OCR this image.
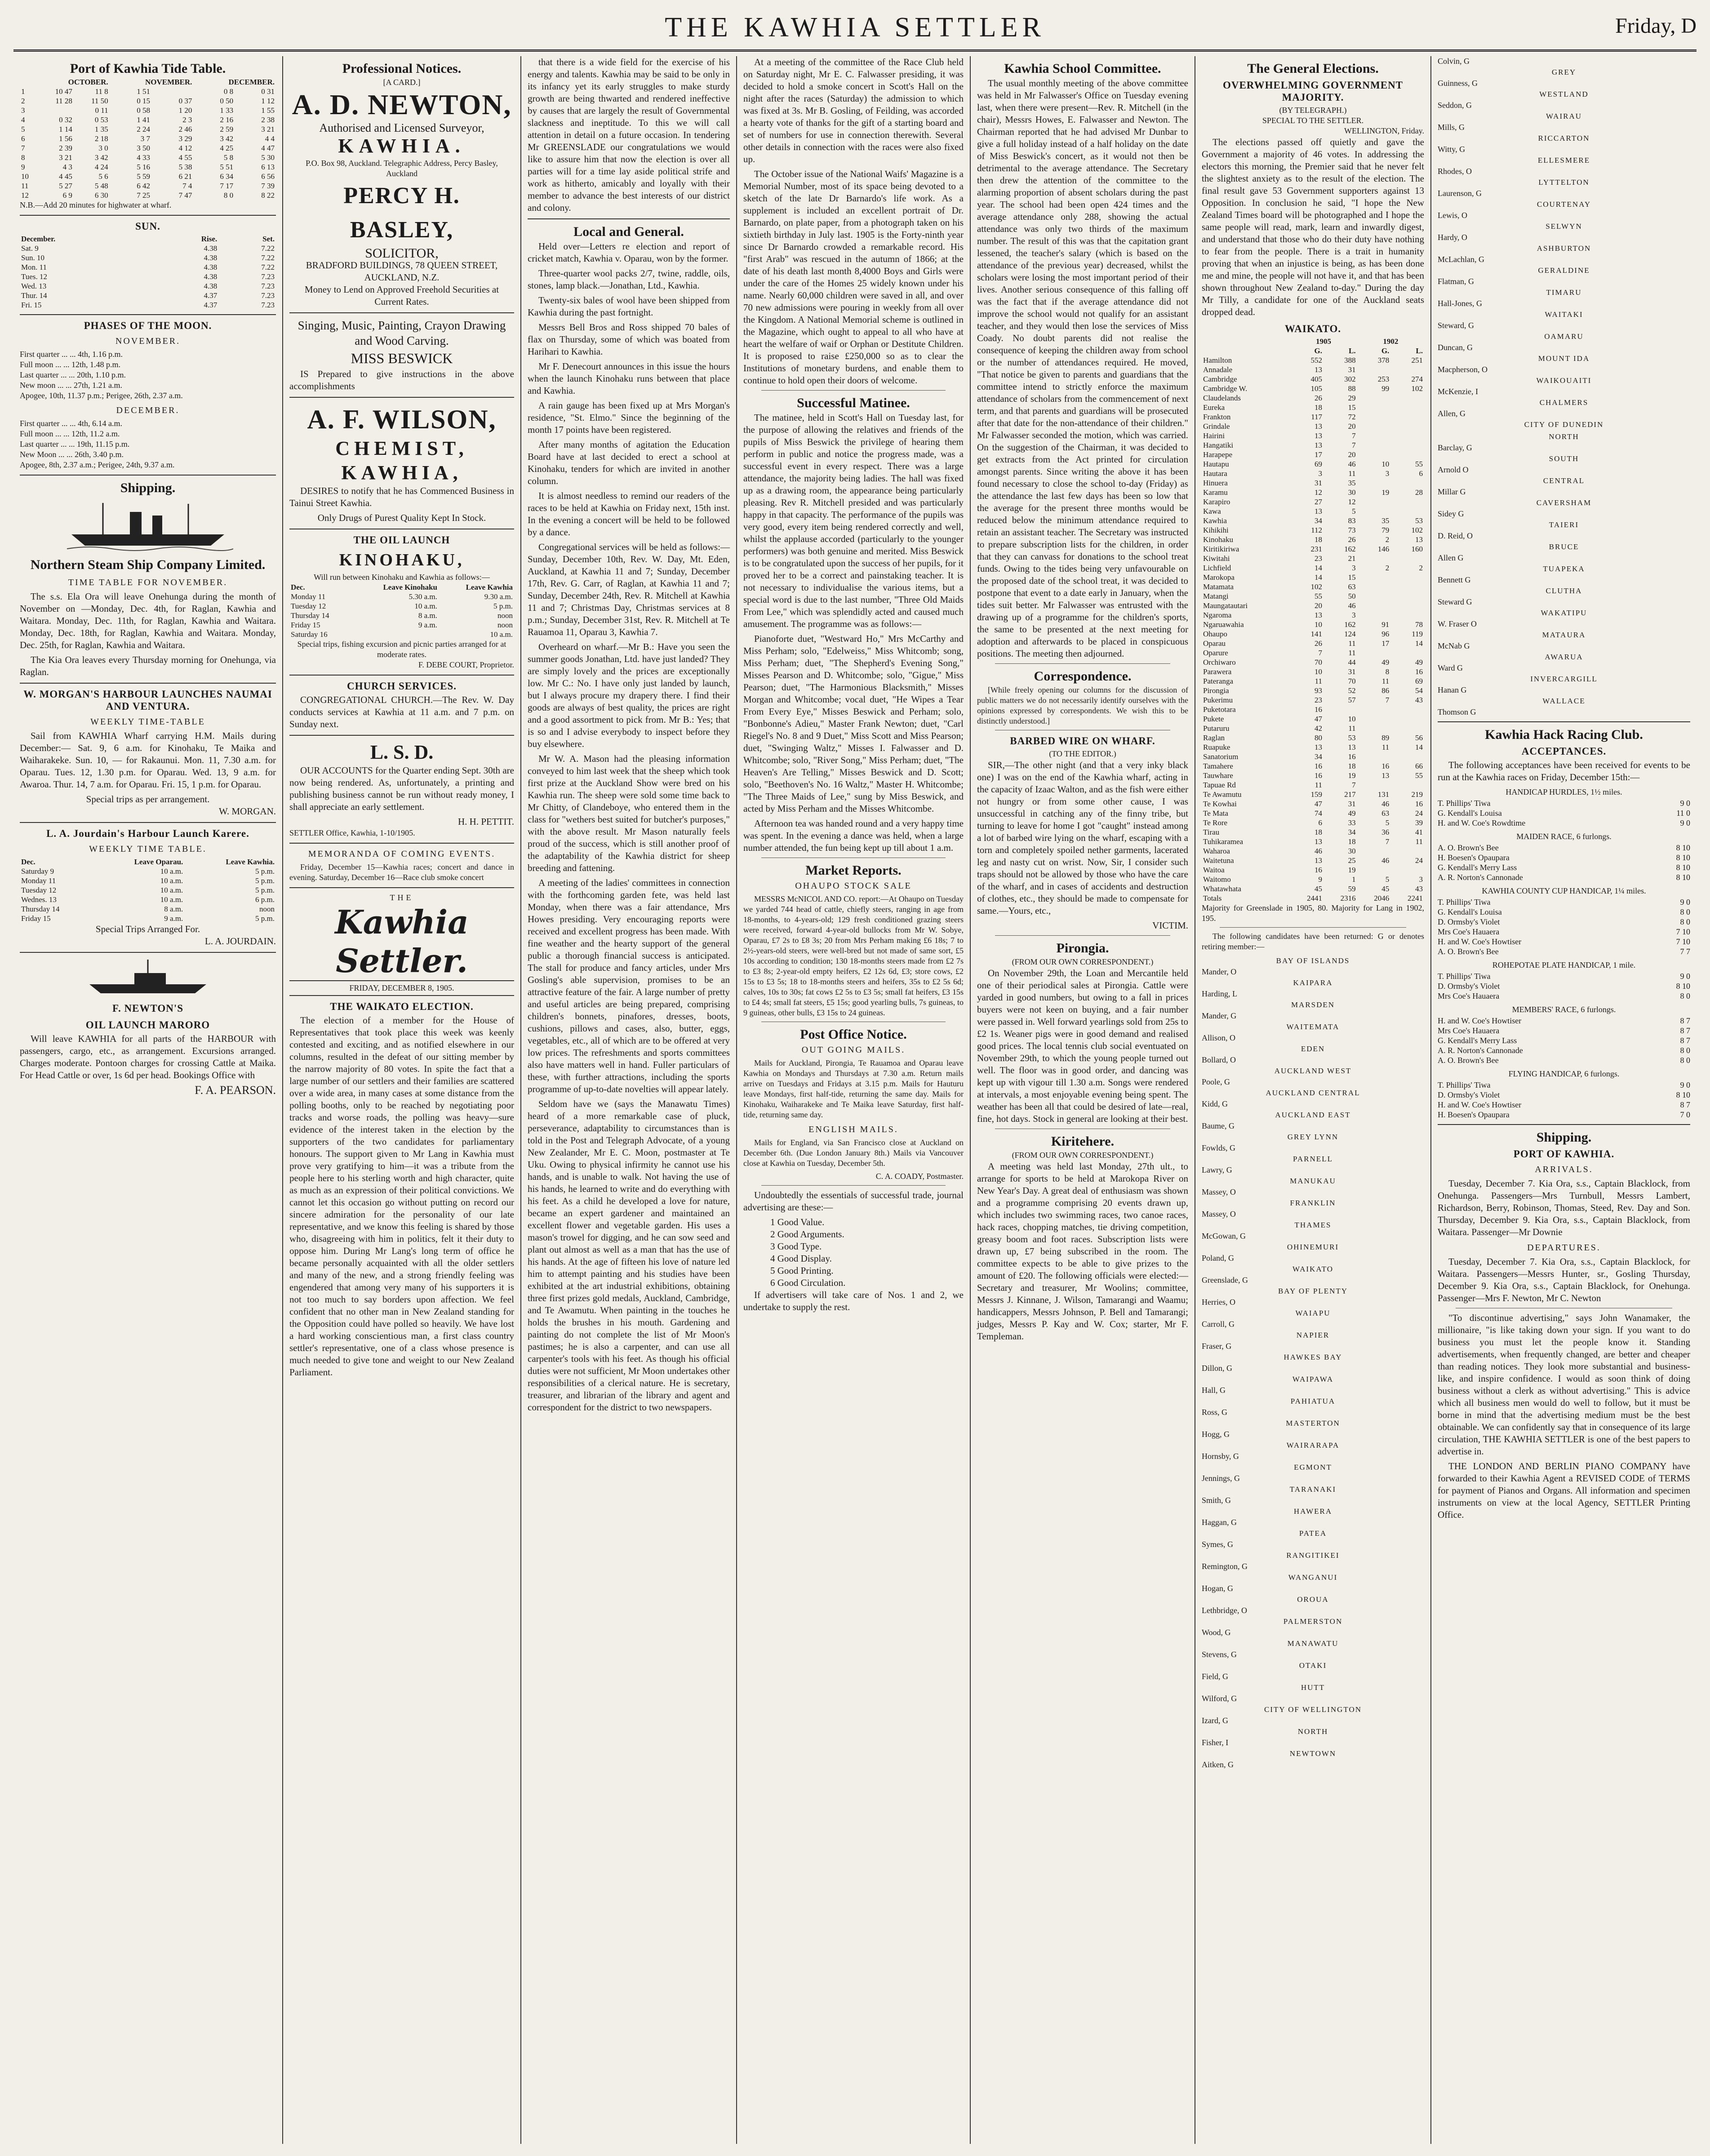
THE KAWHIA SETTLER	Friday, D
Port of Kawhia Tide Table.
	OCTOBER.		NOVEMBER.		DECEMBER.	
1	10 47	11 8	1 51		0 8	0 31
2	11 28	11 50	0 15	0 37	0 50	1 12
3		0 11	0 58	1 20	1 33	1 55
4	0 32	0 53	1 41	2 3	2 16	2 38
5	1 14	1 35	2 24	2 46	2 59	3 21
6	1 56	2 18	3 7	3 29	3 42	4 4
7	2 39	3 0	3 50	4 12	4 25	4 47
8	3 21	3 42	4 33	4 55	5 8	5 30
9	4 3	4 24	5 16	5 38	5 51	6 13
10	4 45	5 6	5 59	6 21	6 34	6 56
11	5 27	5 48	6 42	7 4	7 17	7 39
12	6 9	6 30	7 25	7 47	8 0	8 22
N.B.—Add 20 minutes for highwater at wharf.
SUN.
December.	Rise.	Set.
Sat. 9	4.38	7.22
Sun. 10	4.38	7.22
Mon. 11	4.38	7.22
Tues. 12	4.38	7.23
Wed. 13	4.38	7.23
Thur. 14	4.37	7.23
Fri. 15	4.37	7.23
PHASES OF THE MOON.
NOVEMBER.
First quarter ... ... 4th, 1.16 p.m.
Full moon ... ... 12th, 1.48 p.m.
Last quarter ... ... 20th, 1.10 p.m.
New moon ... ... 27th, 1.21 a.m.
Apogee, 10th, 11.37 p.m.; Perigee, 26th, 2.37 a.m.
DECEMBER.
First quarter ... ... 4th, 6.14 a.m.
Full moon ... ... 12th, 11.2 a.m.
Last quarter ... ... 19th, 11.15 p.m.
New Moon ... ... 26th, 3.40 p.m.
Apogee, 8th, 2.37 a.m.; Perigee, 24th, 9.37 a.m.
Shipping.
Northern Steam Ship Company Limited.
TIME TABLE FOR NOVEMBER.

The s.s. Ela Ora will leave Onehunga during the month of November on —Monday, Dec. 4th, for Raglan, Kawhia and Waitara. Monday, Dec. 11th, for Raglan, Kawhia and Waitara. Monday, Dec. 18th, for Raglan, Kawhia and Waitara. Monday, Dec. 25th, for Raglan, Kawhia and Waitara.

The Kia Ora leaves every Thursday morning for Onehunga, via Raglan.

W. MORGAN'S HARBOUR LAUNCHES NAUMAI AND VENTURA.
WEEKLY TIME-TABLE

Sail from KAWHIA Wharf carrying H.M. Mails during December:— Sat. 9, 6 a.m. for Kinohaku, Te Maika and Waiharakeke. Sun. 10, — for Rakaunui. Mon. 11, 7.30 a.m. for Oparau. Tues. 12, 1.30 p.m. for Oparau. Wed. 13, 9 a.m. for Awaroa. Thur. 14, 7 a.m. for Oparau. Fri. 15, 1 p.m. for Oparau.

Special trips as per arrangement.
W. MORGAN.
L. A. Jourdain's Harbour Launch Karere.
WEEKLY TIME TABLE.
Dec.	Leave Oparau.	Leave Kawhia.
Saturday 9	10 a.m.	5 p.m.
Monday 11	10 a.m.	5 p.m.
Tuesday 12	10 a.m.	5 p.m.
Wednes. 13	10 a.m.	6 p.m.
Thursday 14	8 a.m.	noon
Friday 15	9 a.m.	5 p.m.
Special Trips Arranged For.
L. A. JOURDAIN.
F. NEWTON'S
OIL LAUNCH MARORO

Will leave KAWHIA for all parts of the HARBOUR with passengers, cargo, etc., as arrangement. Excursions arranged. Charges moderate. Pontoon charges for crossing Cattle at Maika. For Head Cattle or over, 1s 6d per head. Bookings Office with

F. A. PEARSON.
Professional Notices.
[A CARD.]
A. D. NEWTON,
Authorised and Licensed Surveyor,
KAWHIA.
P.O. Box 98, Auckland. Telegraphic Address, Percy Basley, Auckland
PERCY H. BASLEY,
SOLICITOR,
BRADFORD BUILDINGS, 78 QUEEN STREET, AUCKLAND, N.Z.
Money to Lend on Approved Freehold Securities at Current Rates.
Singing, Music, Painting, Crayon Drawing and Wood Carving.
MISS BESWICK

IS Prepared to give instructions in the above accomplishments

A. F. WILSON,
CHEMIST,
KAWHIA,

DESIRES to notify that he has Commenced Business in Tainui Street Kawhia.

Only Drugs of Purest Quality Kept In Stock.
THE OIL LAUNCH
KINOHAKU,
Will run between Kinohaku and Kawhia as follows:—
Dec.	Leave Kinohaku	Leave Kawhia
Monday 11	5.30 a.m.	9.30 a.m.
Tuesday 12	10 a.m.	5 p.m.
Thursday 14	8 a.m.	noon
Friday 15	9 a.m.	noon
Saturday 16		10 a.m.
Special trips, fishing excursion and picnic parties arranged for at moderate rates.
F. DEBE COURT, Proprietor.
CHURCH SERVICES.

CONGREGATIONAL CHURCH.—The Rev. W. Day conducts services at Kawhia at 11 a.m. and 7 p.m. on Sunday next.

L. S. D.

OUR ACCOUNTS for the Quarter ending Sept. 30th are now being rendered. As, unfortunately, a printing and publishing business cannot be run without ready money, I shall appreciate an early settlement.

H. H. PETTIT.
SETTLER Office, Kawhia, 1-10/1905.
MEMORANDA OF COMING EVENTS.

Friday, December 15—Kawhia races; concert and dance in evening. Saturday, December 16—Race club smoke concert

THE
Kawhia Settler.
FRIDAY, DECEMBER 8, 1905.
THE WAIKATO ELECTION.

The election of a member for the House of Representatives that took place this week was keenly contested and exciting, and as notified elsewhere in our columns, resulted in the defeat of our sitting member by the narrow majority of 80 votes. In spite the fact that a large number of our settlers and their families are scattered over a wide area, in many cases at some distance from the polling booths, only to be reached by negotiating poor tracks and worse roads, the polling was heavy—sure evidence of the interest taken in the election by the supporters of the two candidates for parliamentary honours. The support given to Mr Lang in Kawhia must prove very gratifying to him—it was a tribute from the people here to his sterling worth and high character, quite as much as an expression of their political convictions. We cannot let this occasion go without putting on record our sincere admiration for the personality of our late representative, and we know this feeling is shared by those who, disagreeing with him in politics, felt it their duty to oppose him. During Mr Lang's long term of office he became personally acquainted with all the older settlers and many of the new, and a strong friendly feeling was engendered that among very many of his supporters it is not too much to say borders upon affection. We feel confident that no other man in New Zealand standing for the Opposition could have polled so heavily. We have lost a hard working conscientious man, a first class country settler's representative, one of a class whose presence is much needed to give tone and weight to our New Zealand Parliament.

that there is a wide field for the exercise of his energy and talents. Kawhia may be said to be only in its infancy yet its early struggles to make sturdy growth are being thwarted and rendered ineffective by causes that are largely the result of Governmental slackness and ineptitude. To this we will call attention in detail on a future occasion. In tendering Mr GREENSLADE our congratulations we would like to assure him that now the election is over all parties will for a time lay aside political strife and work as hitherto, amicably and loyally with their member to advance the best interests of our district and colony.

Local and General.

Held over—Letters re election and report of cricket match, Kawhia v. Oparau, won by the former.

Three-quarter wool packs 2/7, twine, raddle, oils, stones, lamp black.—Jonathan, Ltd., Kawhia.

Twenty-six bales of wool have been shipped from Kawhia during the past fortnight.

Messrs Bell Bros and Ross shipped 70 bales of flax on Thursday, some of which was boated from Harihari to Kawhia.

Mr F. Denecourt announces in this issue the hours when the launch Kinohaku runs between that place and Kawhia.

A rain gauge has been fixed up at Mrs Morgan's residence, "St. Elmo." Since the beginning of the month 17 points have been registered.

After many months of agitation the Education Board have at last decided to erect a school at Kinohaku, tenders for which are invited in another column.

It is almost needless to remind our readers of the races to be held at Kawhia on Friday next, 15th inst. In the evening a concert will be held to be followed by a dance.

Congregational services will be held as follows:—Sunday, December 10th, Rev. W. Day, Mt. Eden, Auckland, at Kawhia 11 and 7; Sunday, December 17th, Rev. G. Carr, of Raglan, at Kawhia 11 and 7; Sunday, December 24th, Rev. R. Mitchell at Kawhia 11 and 7; Christmas Day, Christmas services at 8 p.m.; Sunday, December 31st, Rev. R. Mitchell at Te Rauamoa 11, Oparau 3, Kawhia 7.

Overheard on wharf.—Mr B.: Have you seen the summer goods Jonathan, Ltd. have just landed? They are simply lovely and the prices are exceptionally low. Mr C.: No. I have only just landed by launch, but I always procure my drapery there. I find their goods are always of best quality, the prices are right and a good assortment to pick from. Mr B.: Yes; that is so and I advise everybody to inspect before they buy elsewhere.

Mr W. A. Mason had the pleasing information conveyed to him last week that the sheep which took first prize at the Auckland Show were bred on his Kawhia run. The sheep were sold some time back to Mr Chitty, of Clandeboye, who entered them in the class for "wethers best suited for butcher's purposes," with the above result. Mr Mason naturally feels proud of the success, which is still another proof of the adaptability of the Kawhia district for sheep breeding and fattening.

A meeting of the ladies' committees in connection with the forthcoming garden fete, was held last Monday, when there was a fair attendance, Mrs Howes presiding. Very encouraging reports were received and excellent progress has been made. With fine weather and the hearty support of the general public a thorough financial success is anticipated. The stall for produce and fancy articles, under Mrs Gosling's able supervision, promises to be an attractive feature of the fair. A large number of pretty and useful articles are being prepared, comprising children's bonnets, pinafores, dresses, boots, cushions, pillows and cases, also, butter, eggs, vegetables, etc., all of which are to be offered at very low prices. The refreshments and sports committees also have matters well in hand. Fuller particulars of these, with further attractions, including the sports programme of up-to-date novelties will appear lately.

Seldom have we (says the Manawatu Times) heard of a more remarkable case of pluck, perseverance, adaptability to circumstances than is told in the Post and Telegraph Advocate, of a young New Zealander, Mr E. C. Moon, postmaster at Te Uku. Owing to physical infirmity he cannot use his hands, and is unable to walk. Not having the use of his hands, he learned to write and do everything with his feet. As a child he developed a love for nature, became an expert gardener and maintained an excellent flower and vegetable garden. His uses a mason's trowel for digging, and he can sow seed and plant out almost as well as a man that has the use of his hands. At the age of fifteen his love of nature led him to attempt painting and his studies have been exhibited at the art industrial exhibitions, obtaining three first prizes gold medals, Auckland, Cambridge, and Te Awamutu. When painting in the touches he holds the brushes in his mouth. Gardening and painting do not complete the list of Mr Moon's pastimes; he is also a carpenter, and can use all carpenter's tools with his feet. As though his official duties were not sufficient, Mr Moon undertakes other responsibilities of a clerical nature. He is secretary, treasurer, and librarian of the library and agent and correspondent for the district to two newspapers.

At a meeting of the committee of the Race Club held on Saturday night, Mr E. C. Falwasser presiding, it was decided to hold a smoke concert in Scott's Hall on the night after the races (Saturday) the admission to which was fixed at 3s. Mr B. Gosling, of Feilding, was accorded a hearty vote of thanks for the gift of a starting board and set of numbers for use in connection therewith. Several other details in connection with the races were also fixed up.

The October issue of the National Waifs' Magazine is a Memorial Number, most of its space being devoted to a sketch of the late Dr Barnardo's life work. As a supplement is included an excellent portrait of Dr. Barnardo, on plate paper, from a photograph taken on his sixtieth birthday in July last. 1905 is the Forty-ninth year since Dr Barnardo crowded a remarkable record. His "first Arab" was rescued in the autumn of 1866; at the date of his death last month 8,4000 Boys and Girls were under the care of the Homes 25 widely known under his name. Nearly 60,000 children were saved in all, and over 70 new admissions were pouring in weekly from all over the Kingdom. A National Memorial scheme is outlined in the Magazine, which ought to appeal to all who have at heart the welfare of waif or Orphan or Destitute Children. It is proposed to raise £250,000 so as to clear the Institutions of monetary burdens, and enable them to continue to hold open their doors of welcome.

Successful Matinee.

The matinee, held in Scott's Hall on Tuesday last, for the purpose of allowing the relatives and friends of the pupils of Miss Beswick the privilege of hearing them perform in public and notice the progress made, was a successful event in every respect. There was a large attendance, the majority being ladies. The hall was fixed up as a drawing room, the appearance being particularly pleasing. Rev R. Mitchell presided and was particularly happy in that capacity. The performance of the pupils was very good, every item being rendered correctly and well, whilst the applause accorded (particularly to the younger performers) was both genuine and merited. Miss Beswick is to be congratulated upon the success of her pupils, for it proved her to be a correct and painstaking teacher. It is not necessary to individualise the various items, but a special word is due to the last number, "Three Old Maids From Lee," which was splendidly acted and caused much amusement. The programme was as follows:—

Pianoforte duet, "Westward Ho," Mrs McCarthy and Miss Perham; solo, "Edelweiss," Miss Whitcomb; song, Miss Perham; duet, "The Shepherd's Evening Song," Misses Pearson and D. Whitcombe; solo, "Gigue," Miss Pearson; duet, "The Harmonious Blacksmith," Misses Morgan and Whitcombe; vocal duet, "He Wipes a Tear From Every Eye," Misses Beswick and Perham; solo, "Bonbonne's Adieu," Master Frank Newton; duet, "Carl Riegel's No. 8 and 9 Duet," Miss Scott and Miss Pearson; duet, "Swinging Waltz," Misses I. Falwasser and D. Whitcombe; solo, "River Song," Miss Perham; duet, "The Heaven's Are Telling," Misses Beswick and D. Scott; solo, "Beethoven's No. 16 Waltz," Master H. Whitcombe; "The Three Maids of Lee," sung by Miss Beswick, and acted by Miss Perham and the Misses Whitcombe.

Afternoon tea was handed round and a very happy time was spent. In the evening a dance was held, when a large number attended, the fun being kept up till about 1 a.m.

Market Reports.
OHAUPO STOCK SALE

MESSRS McNICOL AND CO. report:—At Ohaupo on Tuesday we yarded 744 head of cattle, chiefly steers, ranging in age from 18-months, to 4-years-old; 129 fresh conditioned grazing steers were received, forward 4-year-old bullocks from Mr W. Sobye, Oparau, £7 2s to £8 3s; 20 from Mrs Perham making £6 18s; 7 to 2½-years-old steers, were well-bred but not made of same sort, £5 10s according to condition; 130 18-months steers made from £2 7s to £3 8s; 2-year-old empty heifers, £2 12s 6d, £3; store cows, £2 15s to £3 5s; 18 to 18-months steers and heifers, 35s to £2 5s 6d; calves, 10s to 30s; fat cows £2 5s to £3 5s; small fat heifers, £3 15s to £4 4s; small fat steers, £5 15s; good yearling bulls, 7s guineas, to 9 guineas, other bulls, £3 15s to 24 guineas.

Post Office Notice.
OUT GOING MAILS.

Mails for Auckland, Pirongia, Te Rauamoa and Oparau leave Kawhia on Mondays and Thursdays at 7.30 a.m. Return mails arrive on Tuesdays and Fridays at 3.15 p.m. Mails for Hauturu leave Mondays, first half-tide, returning the same day. Mails for Kinohaku, Waiharakeke and Te Maika leave Saturday, first half-tide, returning same day.

ENGLISH MAILS.

Mails for England, via San Francisco close at Auckland on December 6th. (Due London January 8th.) Mails via Vancouver close at Kawhia on Tuesday, December 5th.

C. A. COADY, Postmaster.

Undoubtedly the essentials of successful trade, journal advertising are these:—

1 Good Value.
2 Good Arguments.
3 Good Type.
4 Good Display.
5 Good Printing.
6 Good Circulation.

If advertisers will take care of Nos. 1 and 2, we undertake to supply the rest.

Kawhia School Committee.

The usual monthly meeting of the above committee was held in Mr Falwasser's Office on Tuesday evening last, when there were present—Rev. R. Mitchell (in the chair), Messrs Howes, E. Falwasser and Newton. The Chairman reported that he had advised Mr Dunbar to give a full holiday instead of a half holiday on the date of Miss Beswick's concert, as it would not then be detrimental to the average attendance. The Secretary then drew the attention of the committee to the alarming proportion of absent scholars during the past year. The school had been open 424 times and the average attendance only 288, showing the actual attendance was only two thirds of the maximum number. The result of this was that the capitation grant lessened, the teacher's salary (which is based on the attendance of the previous year) decreased, whilst the scholars were losing the most important period of their lives. Another serious consequence of this falling off was the fact that if the average attendance did not improve the school would not qualify for an assistant teacher, and they would then lose the services of Miss Coady. No doubt parents did not realise the consequence of keeping the children away from school or the number of attendances required. He moved, "That notice be given to parents and guardians that the committee intend to strictly enforce the maximum attendance of scholars from the commencement of next term, and that parents and guardians will be prosecuted after that date for the non-attendance of their children." Mr Falwasser seconded the motion, which was carried. On the suggestion of the Chairman, it was decided to get extracts from the Act printed for circulation amongst parents. Since writing the above it has been found necessary to close the school to-day (Friday) as the attendance the last few days has been so low that the average for the present three months would be reduced below the minimum attendance required to retain an assistant teacher. The Secretary was instructed to prepare subscription lists for the children, in order that they can canvass for donations to the school treat funds. Owing to the tides being very unfavourable on the proposed date of the school treat, it was decided to postpone that event to a date early in January, when the tides suit better. Mr Falwasser was entrusted with the drawing up of a programme for the children's sports, the same to be presented at the next meeting for adoption and afterwards to be placed in conspicuous positions. The meeting then adjourned.

Correspondence.

[While freely opening our columns for the discussion of public matters we do not necessarily identify ourselves with the opinions expressed by correspondents. We wish this to be distinctly understood.]

BARBED WIRE ON WHARF.
(TO THE EDITOR.)

SIR,—The other night (and that a very inky black one) I was on the end of the Kawhia wharf, acting in the capacity of Izaac Walton, and as the fish were either not hungry or from some other cause, I was unsuccessful in catching any of the finny tribe, but turning to leave for home I got "caught" instead among a lot of barbed wire lying on the wharf, escaping with a torn and completely spoiled nether garments, lacerated leg and nasty cut on wrist. Now, Sir, I consider such traps should not be allowed by those who have the care of the wharf, and in cases of accidents and destruction of clothes, etc., they should be made to compensate for same.—Yours, etc.,

VICTIM.
Pirongia.
(FROM OUR OWN CORRESPONDENT.)

On November 29th, the Loan and Mercantile held one of their periodical sales at Pirongia. Cattle were yarded in good numbers, but owing to a fall in prices buyers were not keen on buying, and a fair number were passed in. Well forward yearlings sold from 25s to £2 1s. Weaner pigs were in good demand and realised good prices. The local tennis club social eventuated on November 29th, to which the young people turned out well. The floor was in good order, and dancing was kept up with vigour till 1.30 a.m. Songs were rendered at intervals, a most enjoyable evening being spent. The weather has been all that could be desired of late—real, fine, hot days. Stock in general are looking at their best.

Kiritehere.
(FROM OUR OWN CORRESPONDENT.)

A meeting was held last Monday, 27th ult., to arrange for sports to be held at Marokopa River on New Year's Day. A great deal of enthusiasm was shown and a programme comprising 20 events drawn up, which includes two swimming races, two canoe races, hack races, chopping matches, tie driving competition, greasy boom and foot races. Subscription lists were drawn up, £7 being subscribed in the room. The committee expects to be able to give prizes to the amount of £20. The following officials were elected:—Secretary and treasurer, Mr Woolins; committee, Messrs J. Kinnane, J. Wilson, Tamarangi and Waamu; handicappers, Messrs Johnson, P. Bell and Tamarangi; judges, Messrs P. Kay and W. Cox; starter, Mr F. Templeman.

The General Elections.
OVERWHELMING GOVERNMENT MAJORITY.
(BY TELEGRAPH.)
SPECIAL TO THE SETTLER.
WELLINGTON, Friday.

The elections passed off quietly and gave the Government a majority of 46 votes. In addressing the electors this morning, the Premier said that he never felt the slightest anxiety as to the result of the election. The final result gave 53 Government supporters against 13 Opposition. In conclusion he said, "I hope the New Zealand Times board will be photographed and I hope the same people will read, mark, learn and inwardly digest, and understand that those who do their duty have nothing to fear from the people. There is a trait in humanity proving that when an injustice is being, as has been done me and mine, the people will not have it, and that has been shown throughout New Zealand to-day." During the day Mr Tilly, a candidate for one of the Auckland seats dropped dead.

WAIKATO.
	1905		1902	
	G.	L.	G.	L.
Hamilton	552	388	378	251
Annadale	13	31		
Cambridge	405	302	253	274
Cambridge W.	105	88	99	102
Claudelands	26	29		
Eureka	18	15		
Frankton	117	72		
Grindale	13	20		
Hairini	13	7		
Hangatiki	13	7		
Harapepe	17	20		
Hautapu	69	46	10	55
Hautara	3	11	3	6
Hinuera	31	35		
Karamu	12	30	19	28
Karapiro	27	12		
Kawa	13	5		
Kawhia	34	83	35	53
Kihikihi	112	73	79	102
Kinohaku	18	26	2	13
Kiritikiriwa	231	162	146	160
Kiwitahi	23	21		
Lichfield	14	3	2	2
Marokopa	14	15		
Matamata	102	63		
Matangi	55	50		
Maungatautari	20	46		
Ngaroma	13	3		
Ngaruawahia	10	162	91	78
Ohaupo	141	124	96	119
Oparau	26	11	17	14
Oparure	7	11		
Orchiwaro	70	44	49	49
Parawera	10	31	8	16
Pateranga	11	70	11	69
Pirongia	93	52	86	54
Pukerimu	23	57	7	43
Puketotara	16			
Pukete	47	10		
Putaruru	42	11		
Raglan	80	53	89	56
Ruapuke	13	13	11	14
Sanatorium	34	16		
Tamahere	16	18	16	66
Tauwhare	16	19	13	55
Tapuae Rd	11	7		
Te Awamutu	159	217	131	219
Te Kowhai	47	31	46	16
Te Mata	74	49	63	24
Te Rore	6	33	5	39
Tirau	18	34	36	41
Tuhikaramea	13	18	7	11
Waharoa	46	30		
Waitetuna	13	25	46	24
Waitoa	16	19		
Waitomo	9	1	5	3
Whatawhata	45	59	45	43
Totals	2441	2316	2046	2241
Majority for Greenslade in 1905, 80. Majority for Lang in 1902, 195.

The following candidates have been returned: G or denotes retiring member:—

BAY OF ISLANDS
Mander, O
KAIPARA
Harding, L
MARSDEN
Mander, G
WAITEMATA
Allison, O
EDEN
Bollard, O
AUCKLAND WEST
Poole, G
AUCKLAND CENTRAL
Kidd, G
AUCKLAND EAST
Baume, G
GREY LYNN
Fowlds, G
PARNELL
Lawry, G
MANUKAU
Massey, O
FRANKLIN
Massey, O
THAMES
McGowan, G
OHINEMURI
Poland, G
WAIKATO
Greenslade, G
BAY OF PLENTY
Herries, O
WAIAPU
Carroll, G
NAPIER
Fraser, G
HAWKES BAY
Dillon, G
WAIPAWA
Hall, G
PAHIATUA
Ross, G
MASTERTON
Hogg, G
WAIRARAPA
Hornsby, G
EGMONT
Jennings, G
TARANAKI
Smith, G
HAWERA
Haggan, G
PATEA
Symes, G
RANGITIKEI
Remington, G
WANGANUI
Hogan, G
OROUA
Lethbridge, O
PALMERSTON
Wood, G
MANAWATU
Stevens, G
OTAKI
Field, G
HUTT
Wilford, G
CITY OF WELLINGTON
Izard, G
NORTH
Fisher, I
NEWTOWN
Aitken, G
Colvin, G
GREY
Guinness, G
WESTLAND
Seddon, G
WAIRAU
Mills, G
RICCARTON
Witty, G
ELLESMERE
Rhodes, O
LYTTELTON
Laurenson, G
COURTENAY
Lewis, O
SELWYN
Hardy, O
ASHBURTON
McLachlan, G
GERALDINE
Flatman, G
TIMARU
Hall-Jones, G
WAITAKI
Steward, G
OAMARU
Duncan, G
MOUNT IDA
Macpherson, O
WAIKOUAITI
McKenzie, I
CHALMERS
Allen, G
CITY OF DUNEDIN
NORTH
Barclay, G
SOUTH
Arnold O
CENTRAL
Millar G
CAVERSHAM
Sidey G
TAIERI
D. Reid, O
BRUCE
Allen G
TUAPEKA
Bennett G
CLUTHA
Steward G
WAKATIPU
W. Fraser O
MATAURA
McNab G
AWARUA
Ward G
INVERCARGILL
Hanan G
WALLACE
Thomson G
Kawhia Hack Racing Club.
ACCEPTANCES.

The following acceptances have been received for events to be run at the Kawhia races on Friday, December 15th:—

HANDICAP HURDLES, 1½ miles.
T. Phillips' Tiwa	9 0
G. Kendall's Louisa	11 0
H. and W. Coe's Rowdtime	9 0
MAIDEN RACE, 6 furlongs.
A. O. Brown's Bee	8 10
H. Boesen's Opaupara	8 10
G. Kendall's Merry Lass	8 10
A. R. Norton's Cannonade	8 10
KAWHIA COUNTY CUP HANDICAP, 1¼ miles.
T. Phillips' Tiwa	9 0
G. Kendall's Louisa	8 0
D. Ormsby's Violet	8 0
Mrs Coe's Hauaera	7 10
H. and W. Coe's Howtiser	7 10
A. O. Brown's Bee	7 7
ROHEPOTAE PLATE HANDICAP, 1 mile.
T. Phillips' Tiwa	9 0
D. Ormsby's Violet	8 10
Mrs Coe's Hauaera	8 0
MEMBERS' RACE, 6 furlongs.
H. and W. Coe's Howtiser	8 7
Mrs Coe's Hauaera	8 7
G. Kendall's Merry Lass	8 7
A. R. Norton's Cannonade	8 0
A. O. Brown's Bee	8 0
FLYING HANDICAP, 6 furlongs.
T. Phillips' Tiwa	9 0
D. Ormsby's Violet	8 10
H. and W. Coe's Howtiser	8 7
H. Boesen's Opaupara	7 0
Shipping.
PORT OF KAWHIA.
ARRIVALS.

Tuesday, December 7. Kia Ora, s.s., Captain Blacklock, from Onehunga. Passengers—Mrs Turnbull, Messrs Lambert, Richardson, Berry, Robinson, Thomas, Steed, Rev. Day and Son. Thursday, December 9. Kia Ora, s.s., Captain Blacklock, from Waitara. Passenger—Mr Downie

DEPARTURES.

Tuesday, December 7. Kia Ora, s.s., Captain Blacklock, for Waitara. Passengers—Messrs Hunter, sr., Gosling Thursday, December 9. Kia Ora, s.s., Captain Blacklock, for Onehunga. Passenger—Mrs F. Newton, Mr C. Newton

"To discontinue advertising," says John Wanamaker, the millionaire, "is like taking down your sign. If you want to do business you must let the people know it. Standing advertisements, when frequently changed, are better and cheaper than reading notices. They look more substantial and business-like, and inspire confidence. I would as soon think of doing business without a clerk as without advertising." This is advice which all business men would do well to follow, but it must be borne in mind that the advertising medium must be the best obtainable. We can confidently say that in consequence of its large circulation, THE KAWHIA SETTLER is one of the best papers to advertise in.

THE LONDON AND BERLIN PIANO COMPANY have forwarded to their Kawhia Agent a REVISED CODE of TERMS for payment of Pianos and Organs. All information and specimen instruments on view at the local Agency, SETTLER Printing Office.
